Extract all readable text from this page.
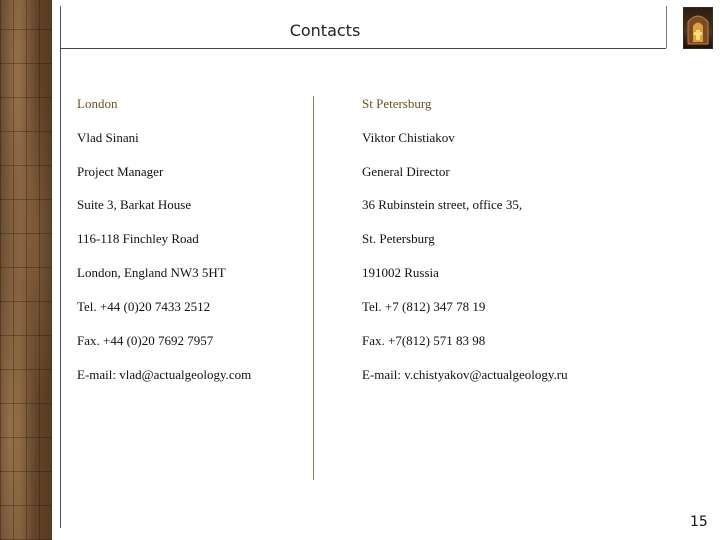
Contacts
London
Vlad Sinani
Project Manager
Suite 3, Barkat House
116-118 Finchley Road
London, England NW3 5HT
Tel. +44 (0)20 7433 2512
Fax. +44 (0)20 7692 7957
E-mail: vlad@actualgeology.com
St Petersburg
Viktor Chistiakov
General Director
36 Rubinstein street, office 35,
St. Petersburg
191002 Russia
Tel. +7 (812) 347 78 19
Fax. +7(812) 571 83 98
E-mail: v.chistyakov@actualgeology.ru
15
